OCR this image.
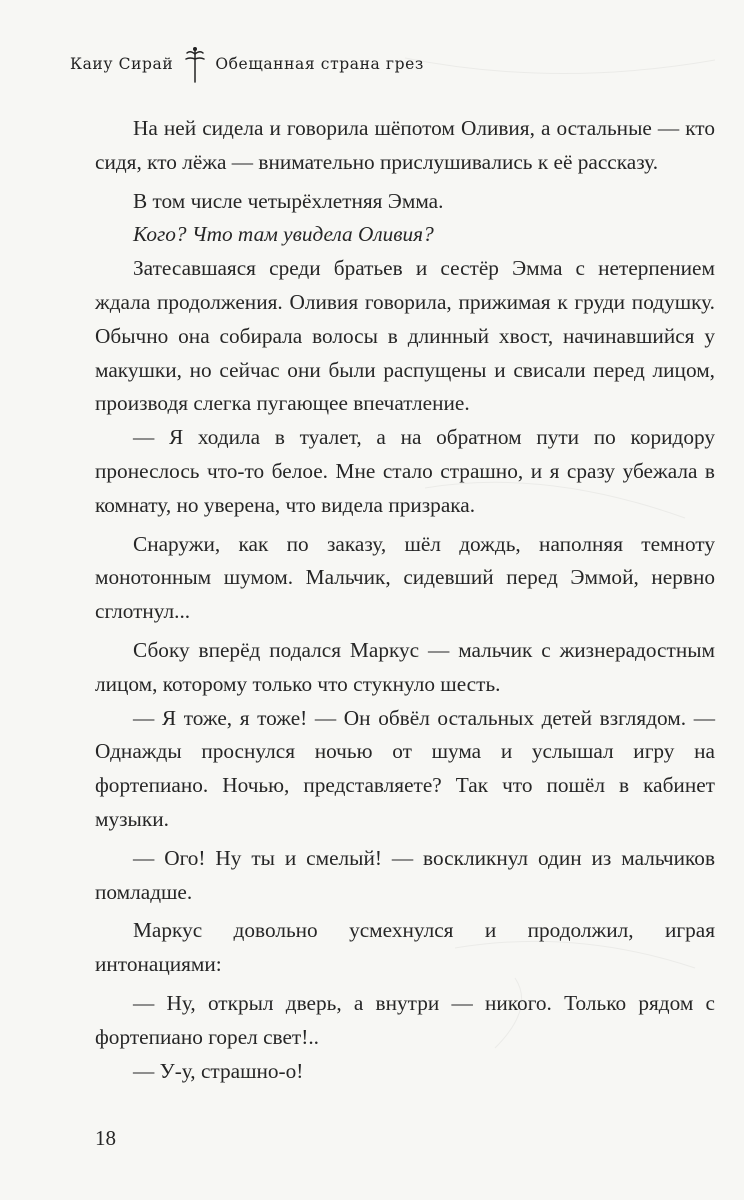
Каиу Сирай	Обещанная страна грез

На ней сидела и говорила шёпотом Оливия, а остальные — кто сидя, кто лёжа — внимательно прислушивались к её рассказу.

В том числе четырёхлетняя Эмма.

Кого? Что там увидела Оливия?

Затесавшаяся среди братьев и сестёр Эмма с нетерпением ждала продолжения. Оливия говорила, прижимая к груди подушку. Обычно она собирала волосы в длинный хвост, начинавшийся у макушки, но сейчас они были распущены и свисали перед лицом, производя слегка пугающее впечатление.

— Я ходила в туалет, а на обратном пути по коридору пронеслось что-то белое. Мне стало страшно, и я сразу убежала в комнату, но уверена, что видела призрака.

Снаружи, как по заказу, шёл дождь, наполняя темноту монотонным шумом. Мальчик, сидевший перед Эммой, нервно сглотнул...

Сбоку вперёд подался Маркус — мальчик с жизнерадостным лицом, которому только что стукнуло шесть.

— Я тоже, я тоже! — Он обвёл остальных детей взглядом. — Однажды проснулся ночью от шума и услышал игру на фортепиано. Ночью, представляете? Так что пошёл в кабинет музыки.

— Ого! Ну ты и смелый! — воскликнул один из мальчиков помладше.

Маркус довольно усмехнулся и продолжил, играя интонациями:

— Ну, открыл дверь, а внутри — никого. Только рядом с фортепиано горел свет!..

— У-у, страшно-о!

18
